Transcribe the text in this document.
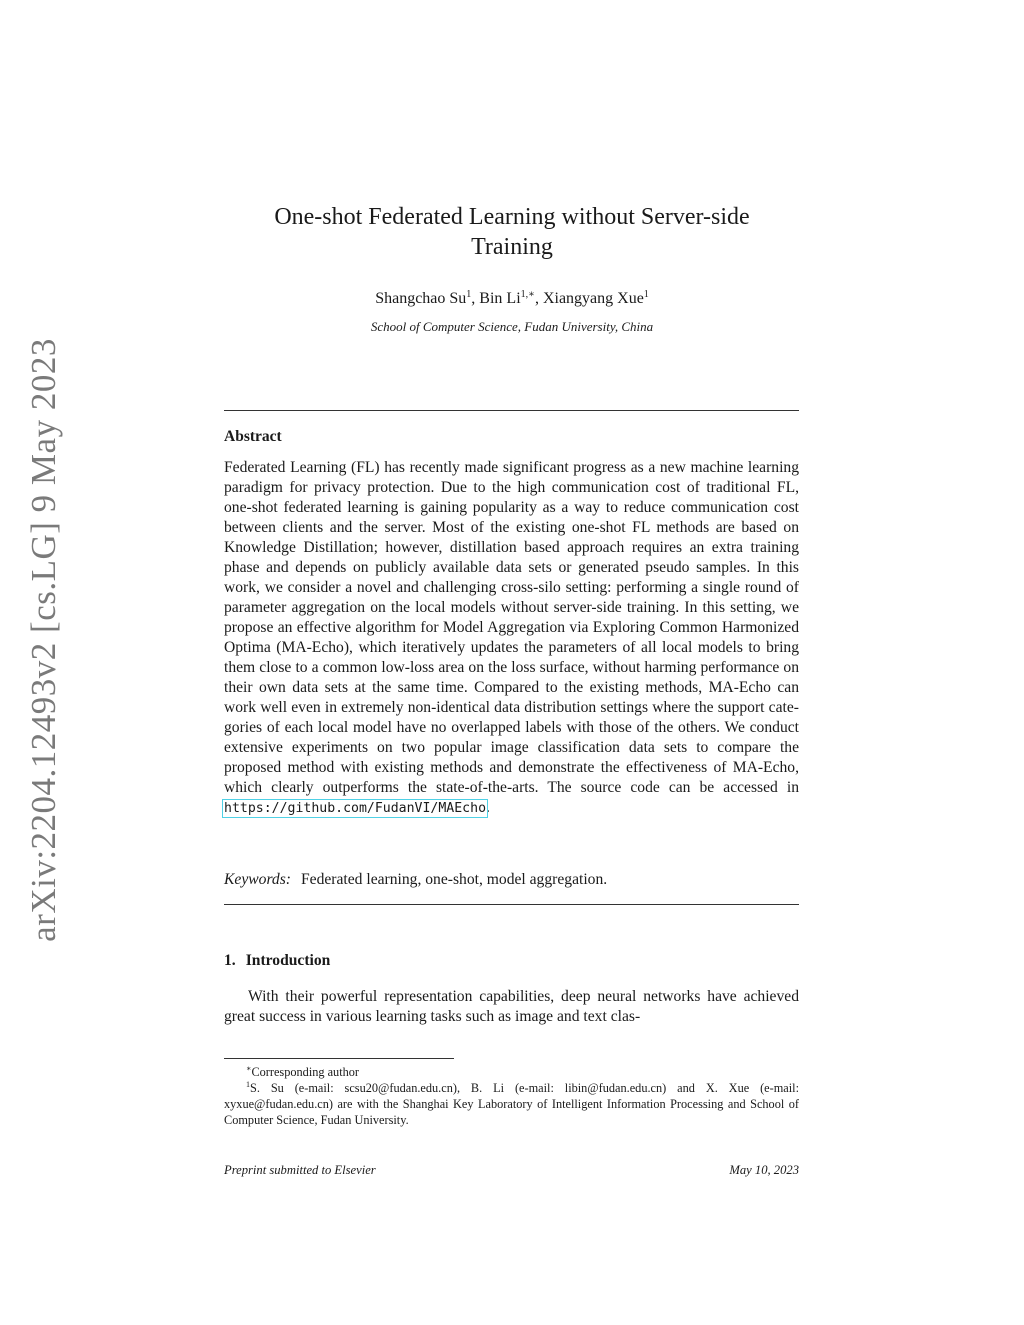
arXiv:2204.12493v2 [cs.LG] 9 May 2023
One-shot Federated Learning without Server-side
Training
Shangchao Su$^1$, Bin $Li^{1,∗}$, Xiangyang Xue$^1$
School of Computer Science, Fudan University, China
Abstract
Federated Learning (FL) has recently made significant progress as a new machine learning paradigm for privacy protection. Due to the high communication cost of traditional FL, one-shot federated learning is gaining popularity as a way to reduce communication cost between clients and the server. Most of the existing one-shot FL methods are based on Knowledge Distillation; however, distillation based approach requires an extra training phase and depends on publicly available data sets or generated pseudo samples. In this work, we consider a novel and challenging cross-silo setting: performing a single round of parameter aggregation on the local models without server-side training. In this setting, we propose an effective algorithm for Model Aggregation via Exploring Common Harmonized Optima (MA-Echo), which iteratively updates the parameters of all local models to bring them close to a common low-loss area on the loss surface, without harming performance on their own data sets at the same time. Compared to the existing methods, MA-Echo can work well even in extremely non-identical data distribution settings where the support categories of each local model have no overlapped labels with those of the others. We conduct extensive experiments on two popular image classification data sets to compare the proposed method with existing methods and demonstrate the effectiveness of MA-Echo, which clearly outperforms the state-of-the-arts. The source code can be accessed in https://github.com/FudanVI/MAEcho.
Keywords: Federated learning, one-shot, model aggregation.
1. Introduction
With their powerful representation capabilities, deep neural networks have achieved great success in various learning tasks such as image and text clas-

∗Corresponding author

$^1$S. Su (e-mail: scsu20@fudan.edu.cn), B. Li (e-mail: libin@fudan.edu.cn) and X. Xue (e-mail: xyxue@fudan.edu.cn) are with the Shanghai Key Laboratory of Intelligent Information Processing and School of Computer Science, Fudan University.

Preprint submitted to Elsevier	May 10, 2023
